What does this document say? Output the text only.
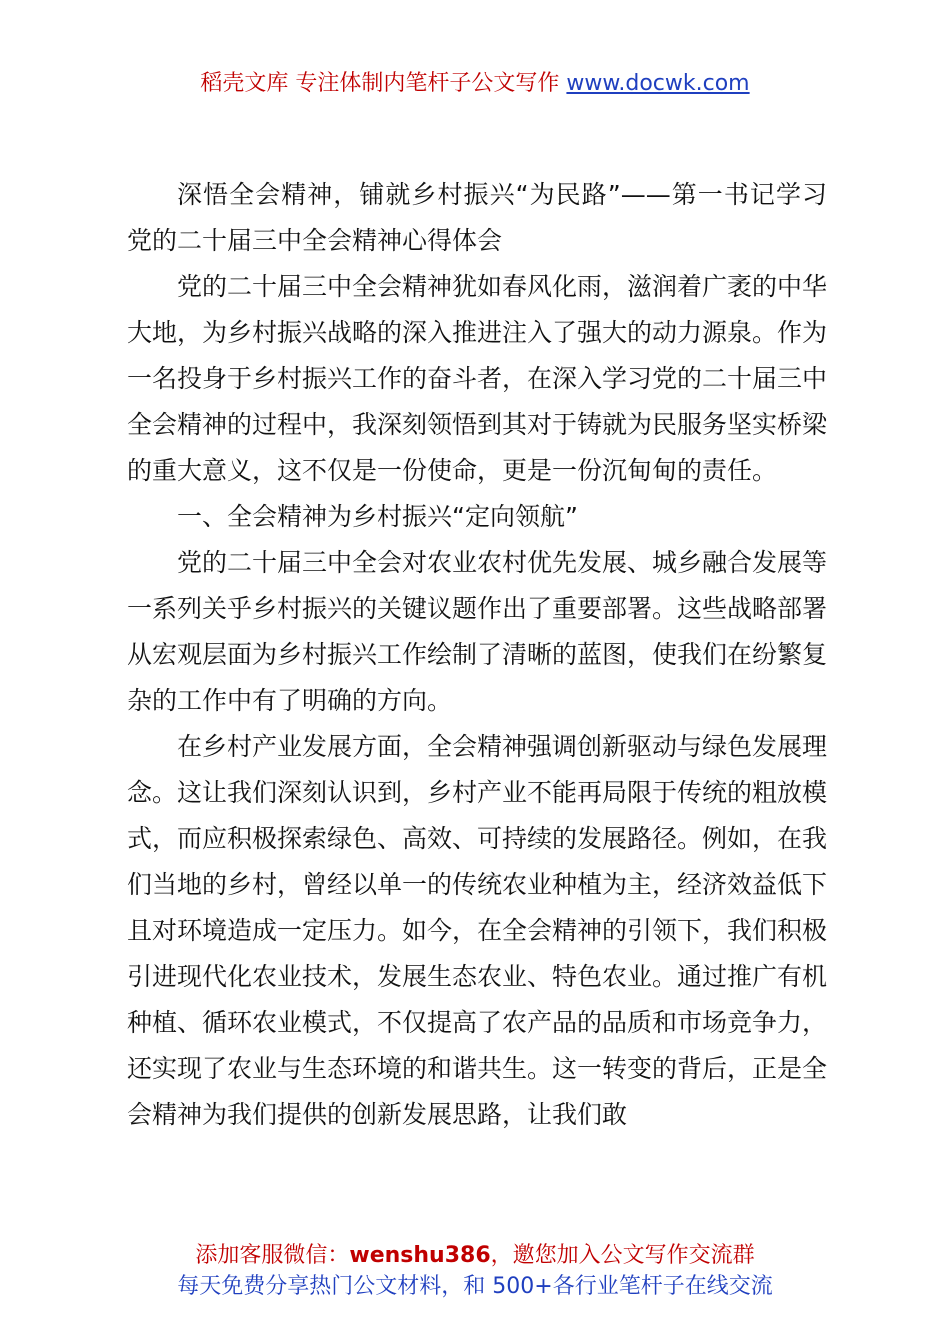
稻壳文库 专注体制内笔杆子公文写作 www.docwk.com

深悟全会精神，铺就乡村振兴“为民路”——第一书记学习党的二十届三中全会精神心得体会

党的二十届三中全会精神犹如春风化雨，滋润着广袤的中华大地，为乡村振兴战略的深入推进注入了强大的动力源泉。作为一名投身于乡村振兴工作的奋斗者，在深入学习党的二十届三中全会精神的过程中，我深刻领悟到其对于铸就为民服务坚实桥梁的重大意义，这不仅是一份使命，更是一份沉甸甸的责任。

一、全会精神为乡村振兴“定向领航”

党的二十届三中全会对农业农村优先发展、城乡融合发展等一系列关乎乡村振兴的关键议题作出了重要部署。这些战略部署从宏观层面为乡村振兴工作绘制了清晰的蓝图，使我们在纷繁复杂的工作中有了明确的方向。

在乡村产业发展方面，全会精神强调创新驱动与绿色发展理念。这让我们深刻认识到，乡村产业不能再局限于传统的粗放模式，而应积极探索绿色、高效、可持续的发展路径。例如，在我们当地的乡村，曾经以单一的传统农业种植为主，经济效益低下且对环境造成一定压力。如今，在全会精神的引领下，我们积极引进现代化农业技术，发展生态农业、特色农业。通过推广有机种植、循环农业模式，不仅提高了农产品的品质和市场竞争力，还实现了农业与生态环境的和谐共生。这一转变的背后，正是全会精神为我们提供的创新发展思路，让我们敢

添加客服微信：wenshu386，邀您加入公文写作交流群
每天免费分享热门公文材料，和 500+各行业笔杆子在线交流
